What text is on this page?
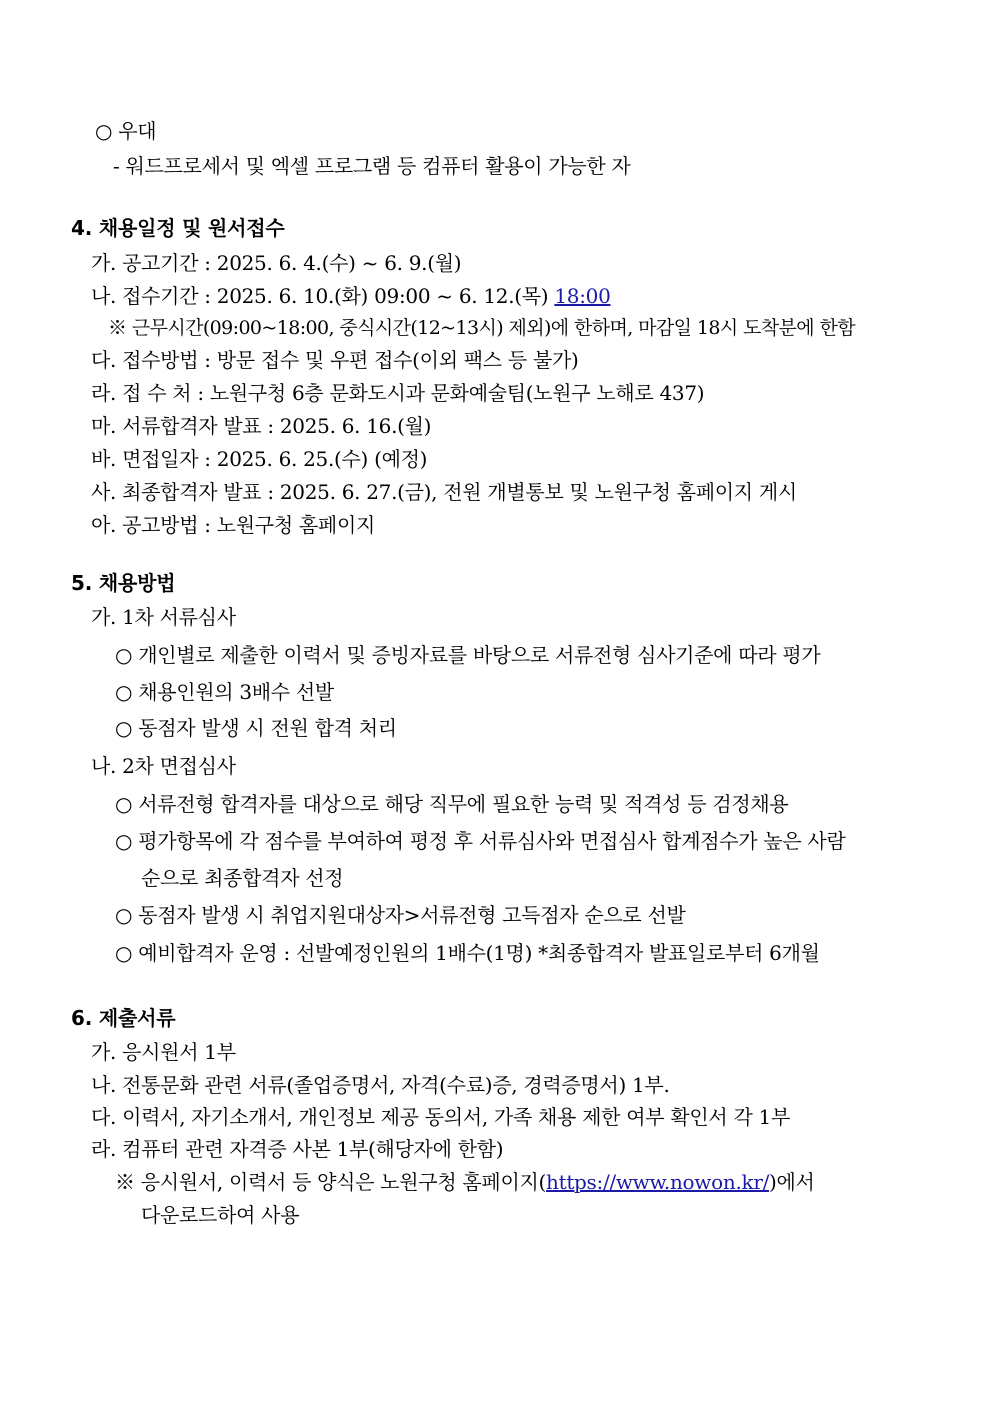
○ 우대
- 워드프로세서 및 엑셀 프로그램 등 컴퓨터 활용이 가능한 자
4. 채용일정 및 원서접수
가. 공고기간 : 2025. 6. 4.(수) ~ 6. 9.(월)
나. 접수기간 : 2025. 6. 10.(화) 09:00 ~ 6. 12.(목) 18:00
※ 근무시간(09:00~18:00, 중식시간(12~13시) 제외)에 한하며, 마감일 18시 도착분에 한함
다. 접수방법 : 방문 접수 및 우편 접수(이외 팩스 등 불가)
라. 접 수 처 : 노원구청 6층 문화도시과 문화예술팀(노원구 노해로 437)
마. 서류합격자 발표 : 2025. 6. 16.(월)
바. 면접일자 : 2025. 6. 25.(수) (예정)
사. 최종합격자 발표 : 2025. 6. 27.(금), 전원 개별통보 및 노원구청 홈페이지 게시
아. 공고방법 : 노원구청 홈페이지
5. 채용방법
가. 1차 서류심사
○ 개인별로 제출한 이력서 및 증빙자료를 바탕으로 서류전형 심사기준에 따라 평가
○ 채용인원의 3배수 선발
○ 동점자 발생 시 전원 합격 처리
나. 2차 면접심사
○ 서류전형 합격자를 대상으로 해당 직무에 필요한 능력 및 적격성 등 검정채용
○ 평가항목에 각 점수를 부여하여 평정 후 서류심사와 면접심사 합계점수가 높은 사람
순으로 최종합격자 선정
○ 동점자 발생 시 취업지원대상자>서류전형 고득점자 순으로 선발
○ 예비합격자 운영 : 선발예정인원의 1배수(1명) *최종합격자 발표일로부터 6개월
6. 제출서류
가. 응시원서 1부
나. 전통문화 관련 서류(졸업증명서, 자격(수료)증, 경력증명서) 1부.
다. 이력서, 자기소개서, 개인정보 제공 동의서, 가족 채용 제한 여부 확인서 각 1부
라. 컴퓨터 관련 자격증 사본 1부(해당자에 한함)
※ 응시원서, 이력서 등 양식은 노원구청 홈페이지(https://www.nowon.kr/)에서
다운로드하여 사용
